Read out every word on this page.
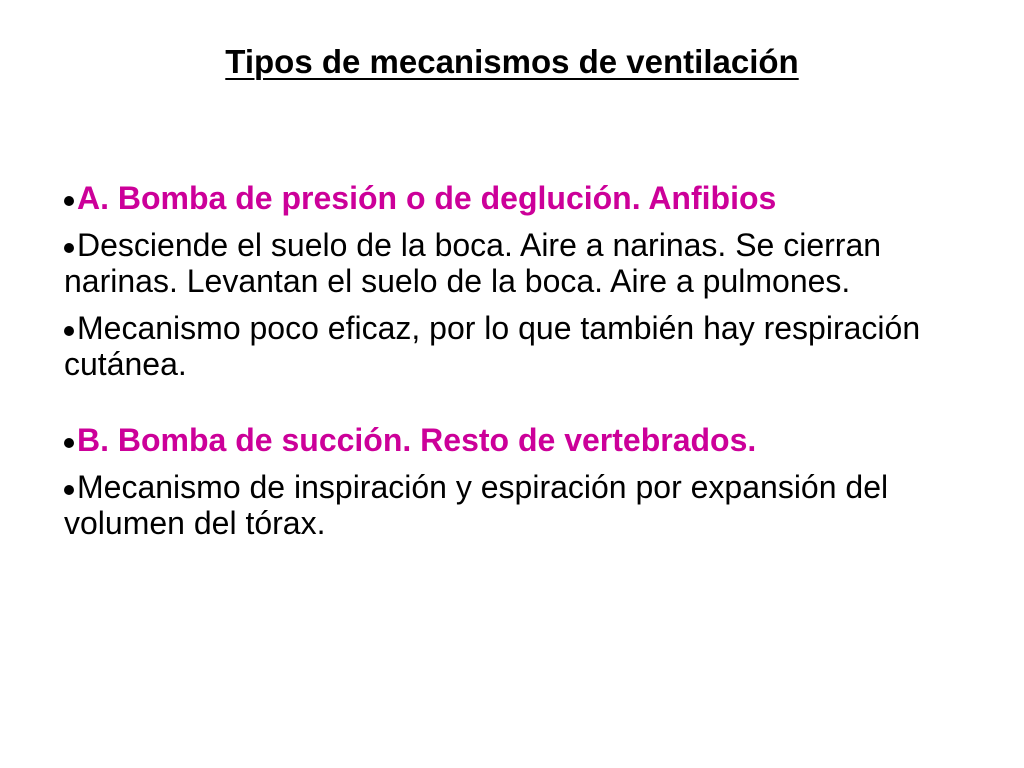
Tipos de mecanismos de ventilación
A. Bomba de presión o de deglución. Anfibios
Desciende el suelo de la boca. Aire a narinas. Se cierran narinas. Levantan el suelo de la boca. Aire a pulmones.
Mecanismo poco eficaz, por lo que también hay respiración cutánea.
B. Bomba de succión. Resto de vertebrados.
Mecanismo de inspiración y espiración por expansión del volumen del tórax.
